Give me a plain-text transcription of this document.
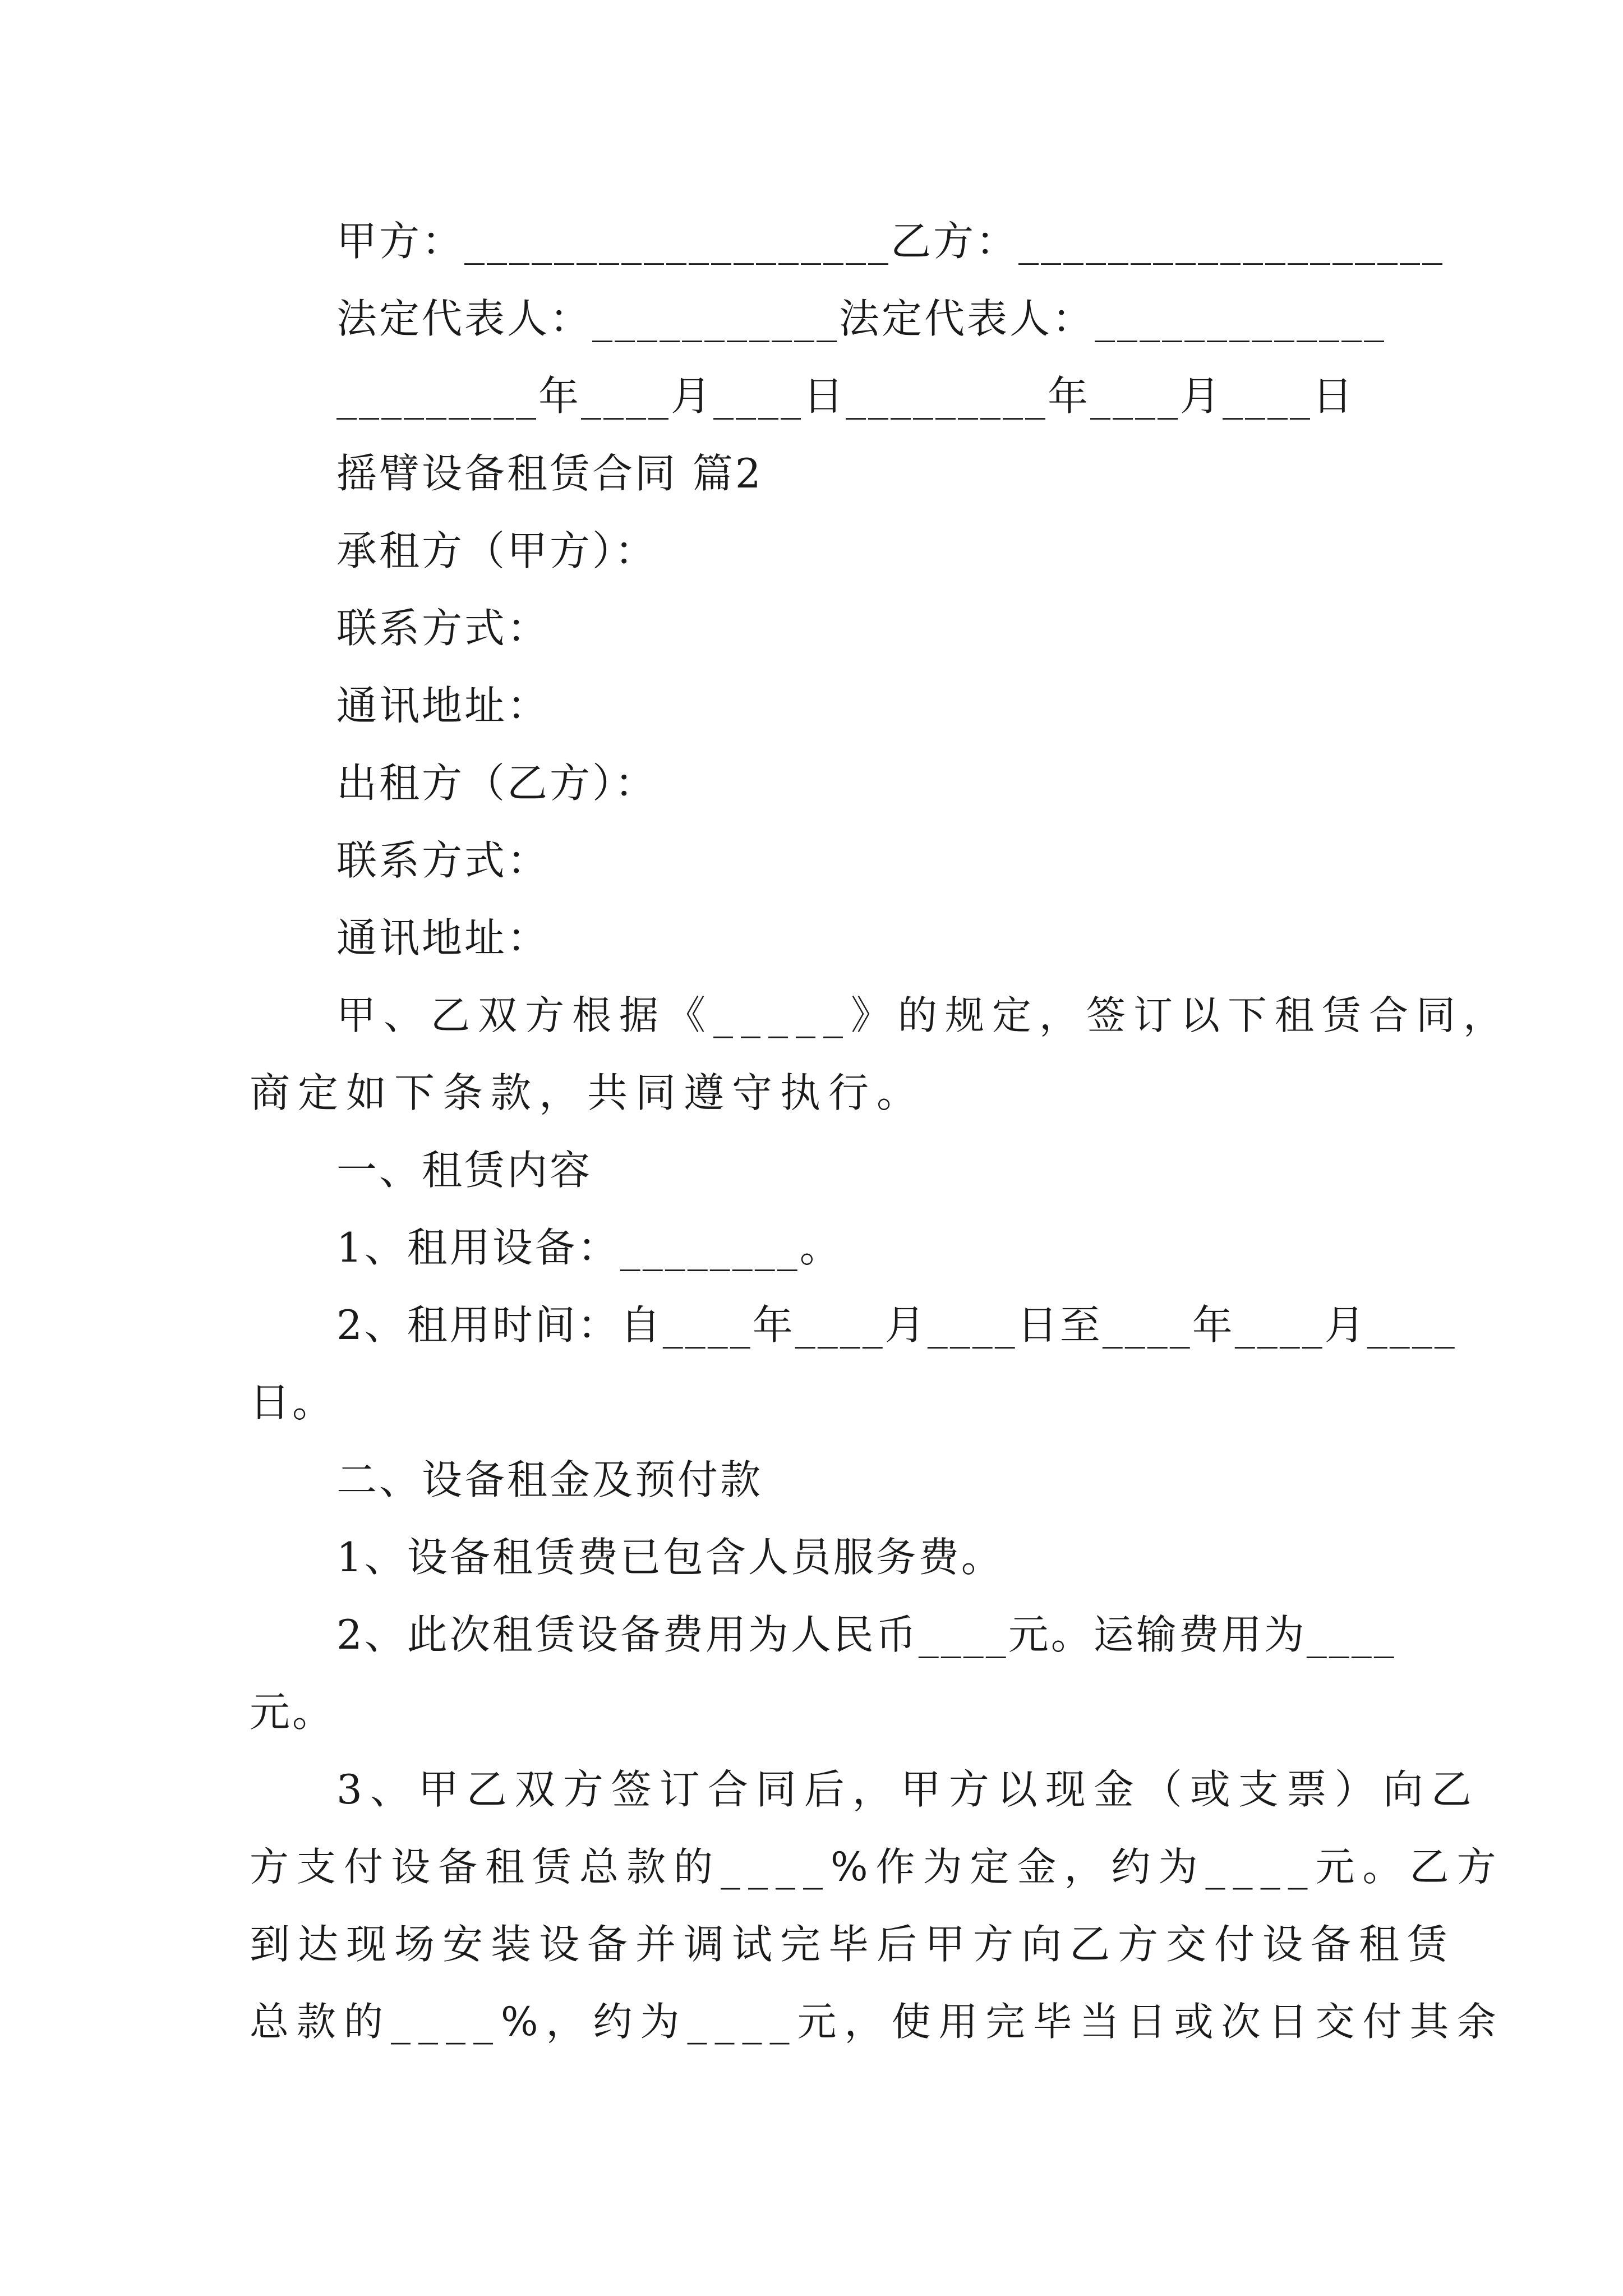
甲方：___________________乙方：___________________
法定代表人：___________法定代表人：_____________
_________年____月____日_________年____月____日
摇臂设备租赁合同 篇2
承租方（甲方）：
联系方式：
通讯地址：
出租方（乙方）：
联系方式：
通讯地址：
甲、乙双方根据《_____》的规定，签订以下租赁合同，
商定如下条款，共同遵守执行。
一、租赁内容
1、租用设备：________。
2、租用时间：自____年____月____日至____年____月____
日。
二、设备租金及预付款
1、设备租赁费已包含人员服务费。
2、此次租赁设备费用为人民币____元。运输费用为____
元。
3、甲乙双方签订合同后，甲方以现金（或支票）向乙
方支付设备租赁总款的____%作为定金，约为____元。乙方
到达现场安装设备并调试完毕后甲方向乙方交付设备租赁
总款的____%，约为____元，使用完毕当日或次日交付其余
